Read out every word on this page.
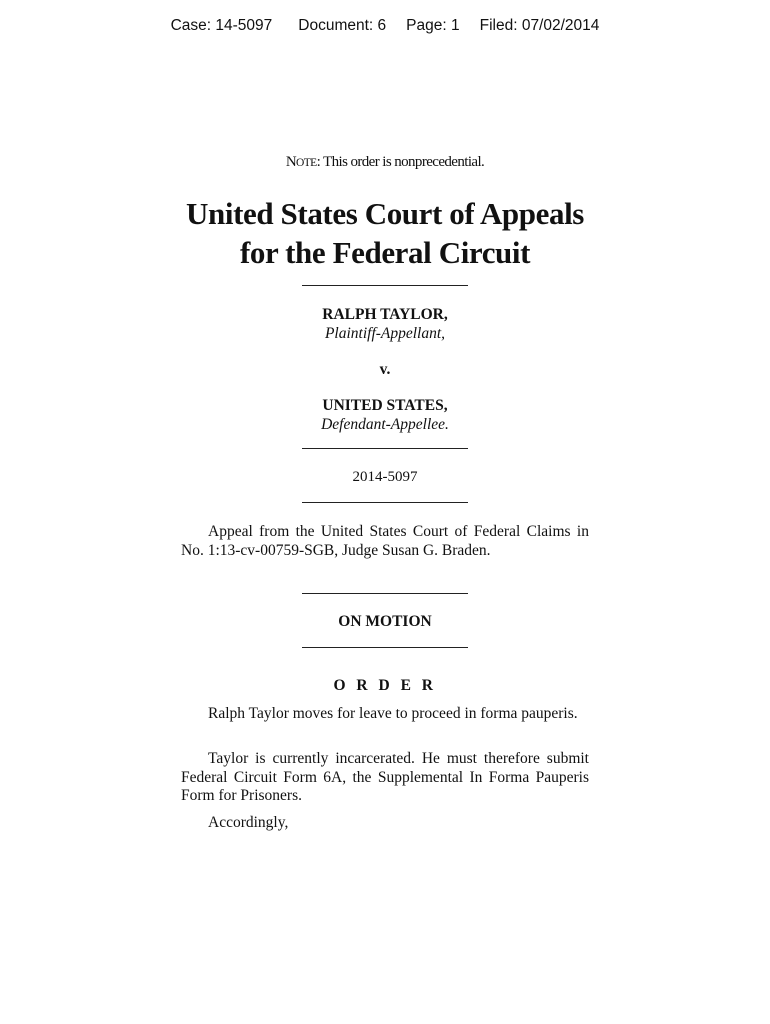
Case: 14-5097 Document: 6 Page: 1 Filed: 07/02/2014
NOTE: This order is nonprecedential.
United States Court of Appeals
for the Federal Circuit
RALPH TAYLOR,
Plaintiff-Appellant,
v.
UNITED STATES,
Defendant-Appellee.
2014-5097
Appeal from the United States Court of Federal Claims in No. 1:13-cv-00759-SGB, Judge Susan G. Braden.
ON MOTION
O R D E R
Ralph Taylor moves for leave to proceed in forma pauperis.
Taylor is currently incarcerated. He must therefore submit Federal Circuit Form 6A, the Supplemental In Forma Pauperis Form for Prisoners.
Accordingly,
